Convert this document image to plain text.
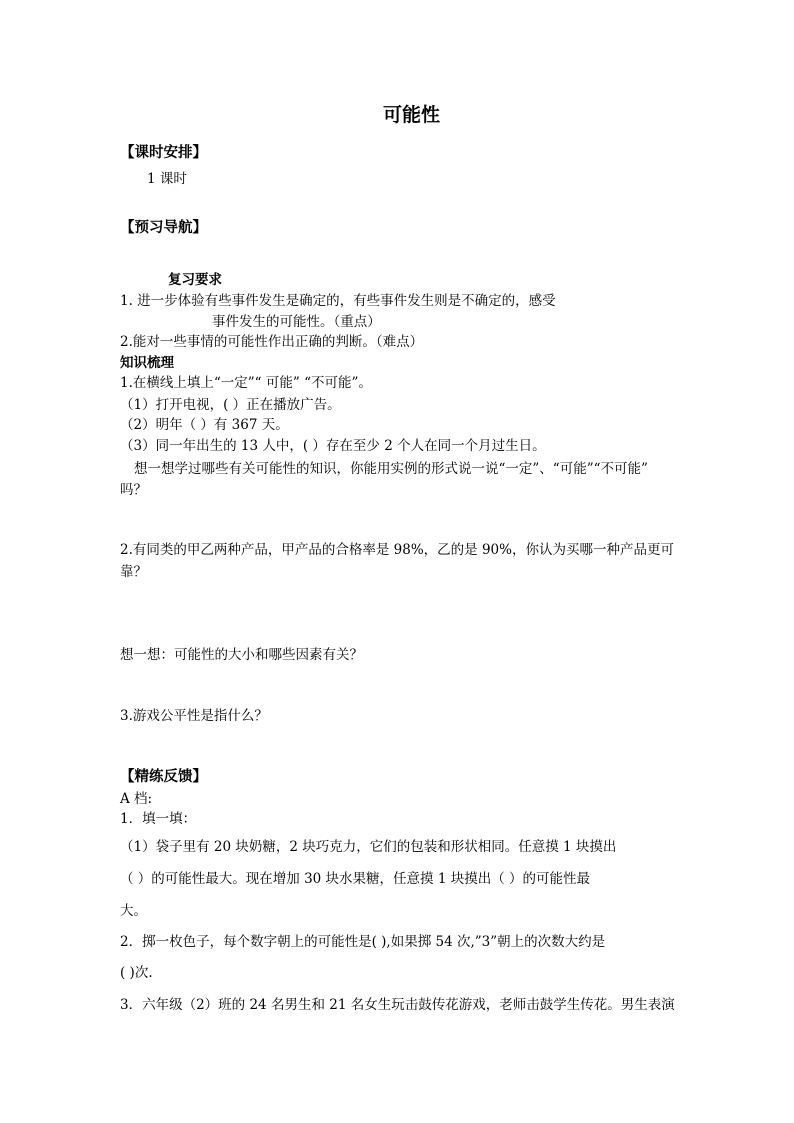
可能性
【课时安排】
1 课时
【预习导航】
复习要求
1. 进一步体验有些事件发生是确定的，有些事件发生则是不确定的，感受
事件发生的可能性。（重点）
2.能对一些事情的可能性作出正确的判断。（难点）
知识梳理
1.在横线上填上“一定”“ 可能” “不可能”。
（1）打开电视，( ）正在播放广告。
（2）明年（ ）有 367 天。
（3）同一年出生的 13 人中，( ）存在至少 2 个人在同一个月过生日。
想一想学过哪些有关可能性的知识，你能用实例的形式说一说“一定”、“可能”“不可能”
吗？
2.有同类的甲乙两种产品，甲产品的合格率是 98%，乙的是 90%，你认为买哪一种产品更可
靠？
想一想：可能性的大小和哪些因素有关？
3.游戏公平性是指什么？
【精练反馈】
A 档:
1．填一填：
（1）袋子里有 20 块奶糖，2 块巧克力，它们的包装和形状相同。任意摸 1 块摸出
（ ）的可能性最大。现在增加 30 块水果糖，任意摸 1 块摸出（ ）的可能性最
大。
2．掷一枚色子，每个数字朝上的可能性是( ),如果掷 54 次,”3”朝上的次数大约是
( )次.
3．六年级（2）班的 24 名男生和 21 名女生玩击鼓传花游戏，老师击鼓学生传花。男生表演
